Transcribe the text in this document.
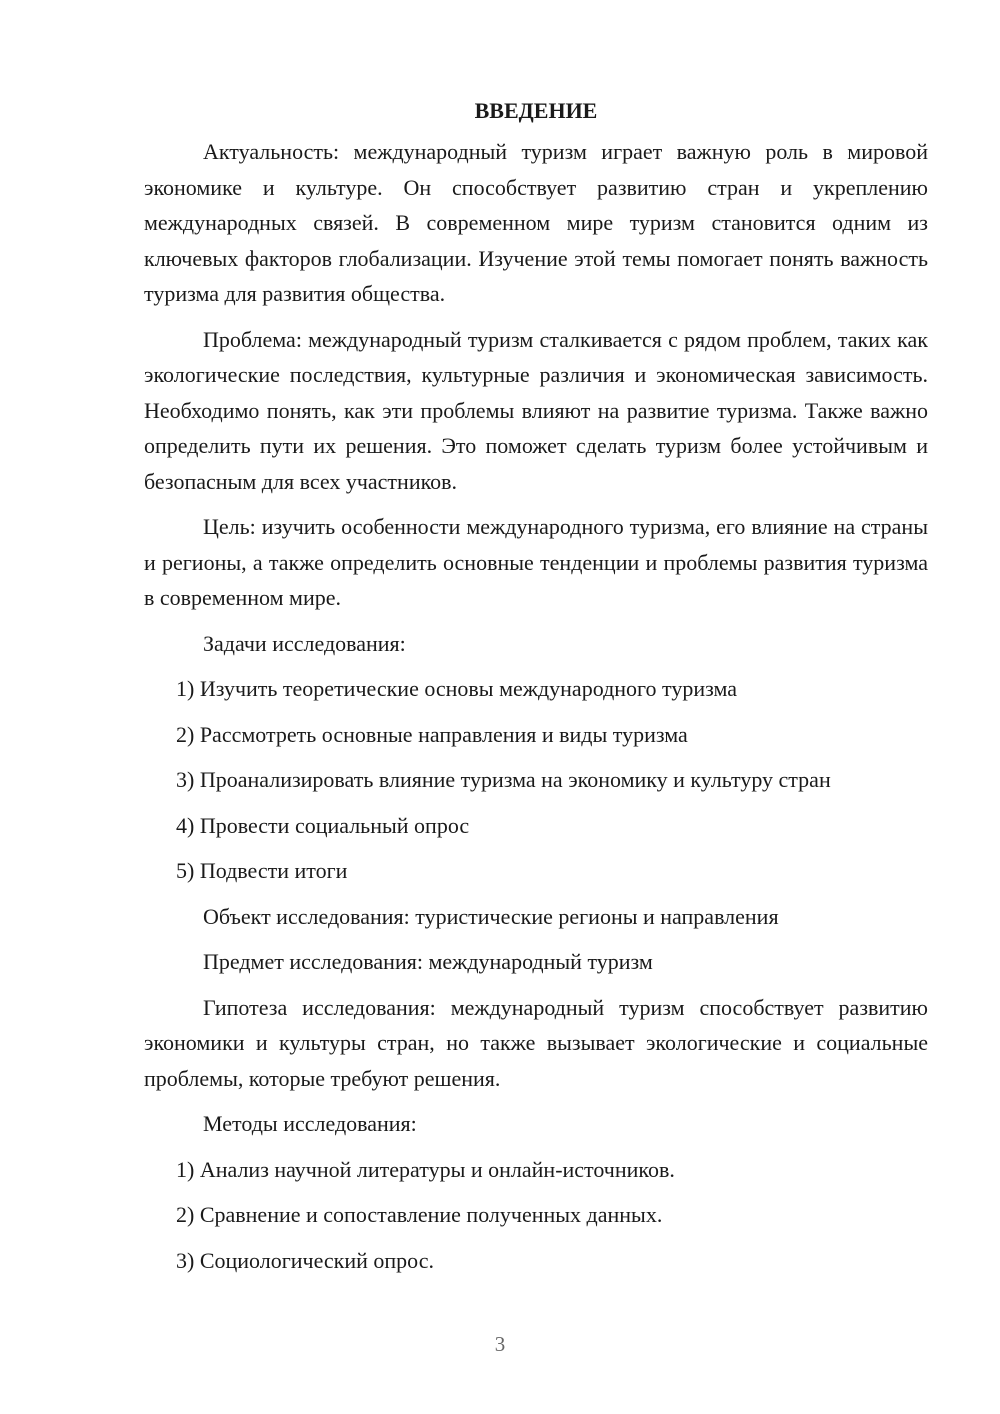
ВВЕДЕНИЕ

Актуальность: международный туризм играет важную роль в мировой экономике и культуре. Он способствует развитию стран и укреплению международных связей. В современном мире туризм становится одним из ключевых факторов глобализации. Изучение этой темы помогает понять важность туризма для развития общества.

Проблема: международный туризм сталкивается с рядом проблем, таких как экологические последствия, культурные различия и экономическая зависимость. Необходимо понять, как эти проблемы влияют на развитие туризма. Также важно определить пути их решения. Это поможет сделать туризм более устойчивым и безопасным для всех участников.

Цель: изучить особенности международного туризма, его влияние на страны и регионы, а также определить основные тенденции и проблемы развития туризма в современном мире.

Задачи исследования:
1) Изучить теоретические основы международного туризма
2) Рассмотреть основные направления и виды туризма
3) Проанализировать влияние туризма на экономику и культуру стран
4) Провести социальный опрос
5) Подвести итоги
Объект исследования: туристические регионы и направления
Предмет исследования: международный туризм

Гипотеза исследования: международный туризм способствует развитию экономики и культуры стран, но также вызывает экологические и социальные проблемы, которые требуют решения.

Методы исследования:
1) Анализ научной литературы и онлайн-источников.
2) Сравнение и сопоставление полученных данных.
3) Социологический опрос.
3
